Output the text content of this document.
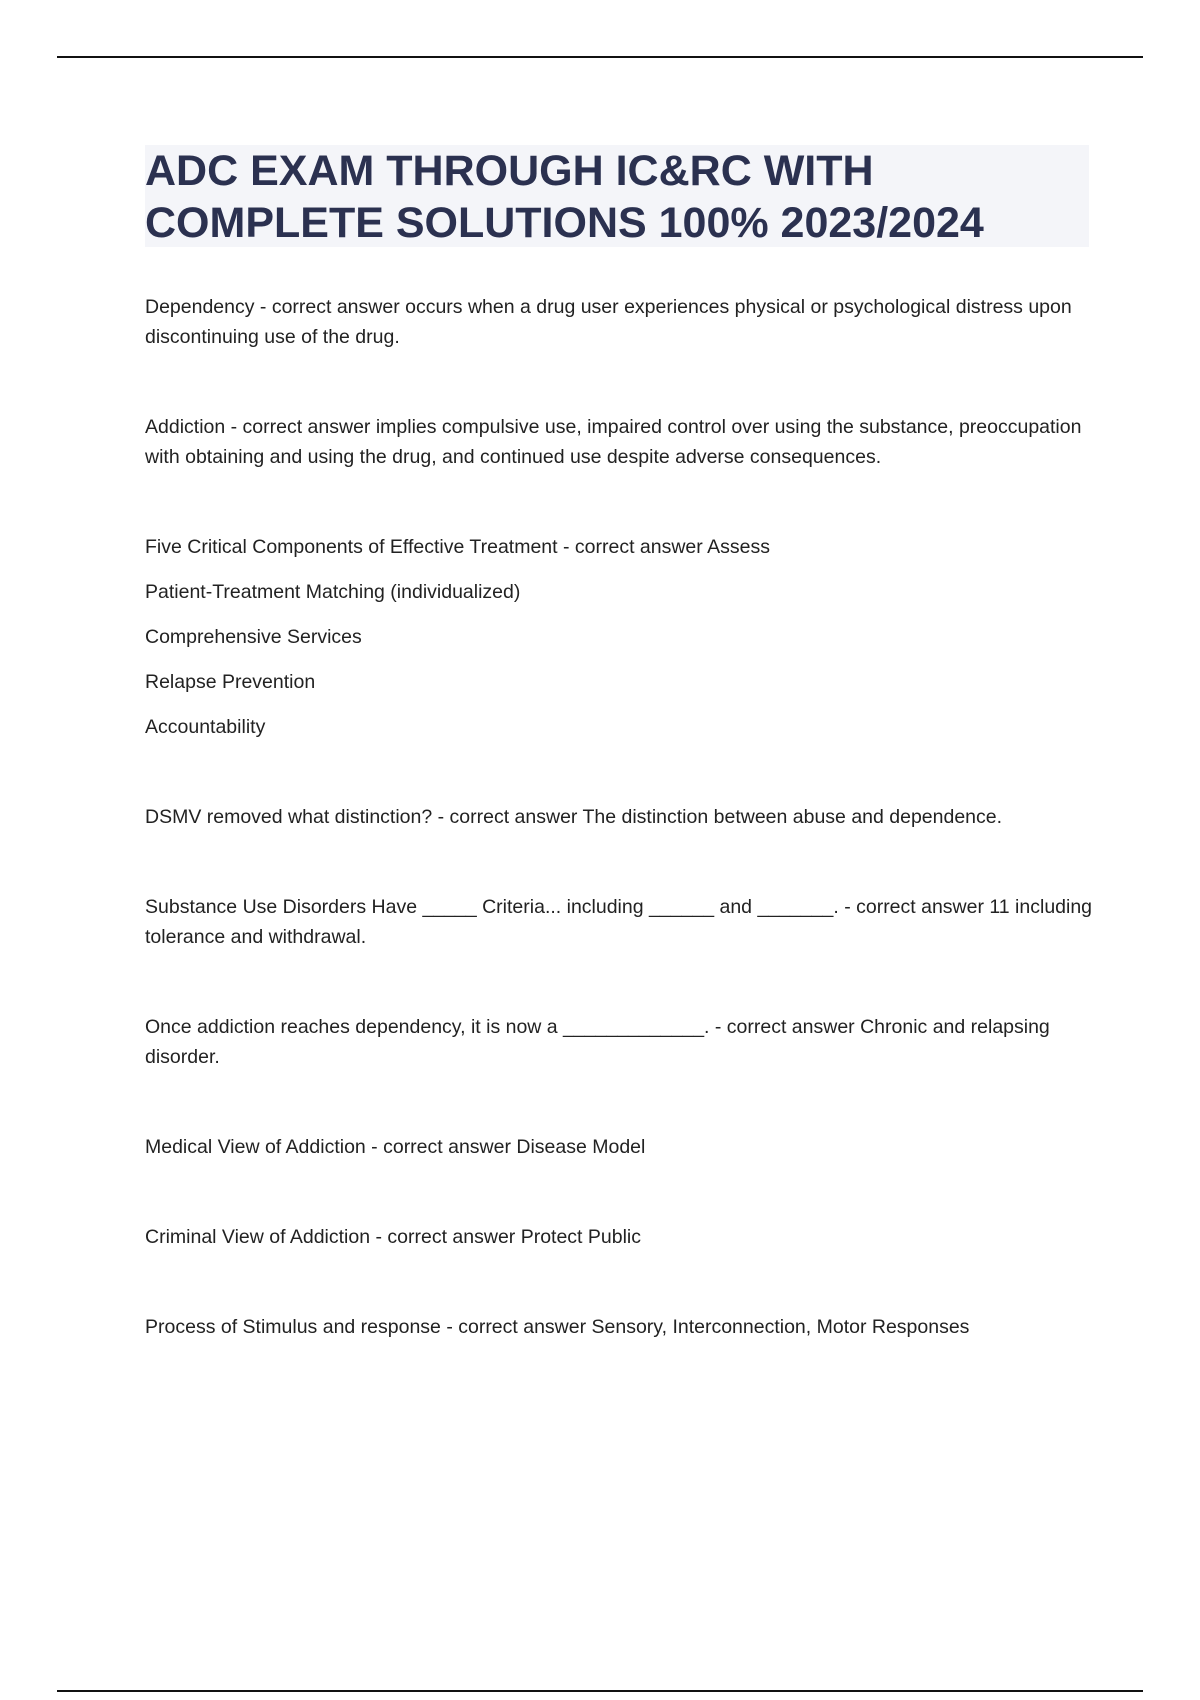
ADC EXAM THROUGH IC&RC WITH
COMPLETE SOLUTIONS 100% 2023/2024

Dependency - correct answer occurs when a drug user experiences physical or psychological distress upon discontinuing use of the drug.

Addiction - correct answer implies compulsive use, impaired control over using the substance, preoccupation with obtaining and using the drug, and continued use despite adverse consequences.

Five Critical Components of Effective Treatment - correct answer Assess

Patient-Treatment Matching (individualized)

Comprehensive Services

Relapse Prevention

Accountability

DSMV removed what distinction? - correct answer The distinction between abuse and dependence.

Substance Use Disorders Have _____ Criteria... including ______ and _______. - correct answer 11 including tolerance and withdrawal.

Once addiction reaches dependency, it is now a _____________. - correct answer Chronic and relapsing disorder.

Medical View of Addiction - correct answer Disease Model

Criminal View of Addiction - correct answer Protect Public

Process of Stimulus and response - correct answer Sensory, Interconnection, Motor Responses
